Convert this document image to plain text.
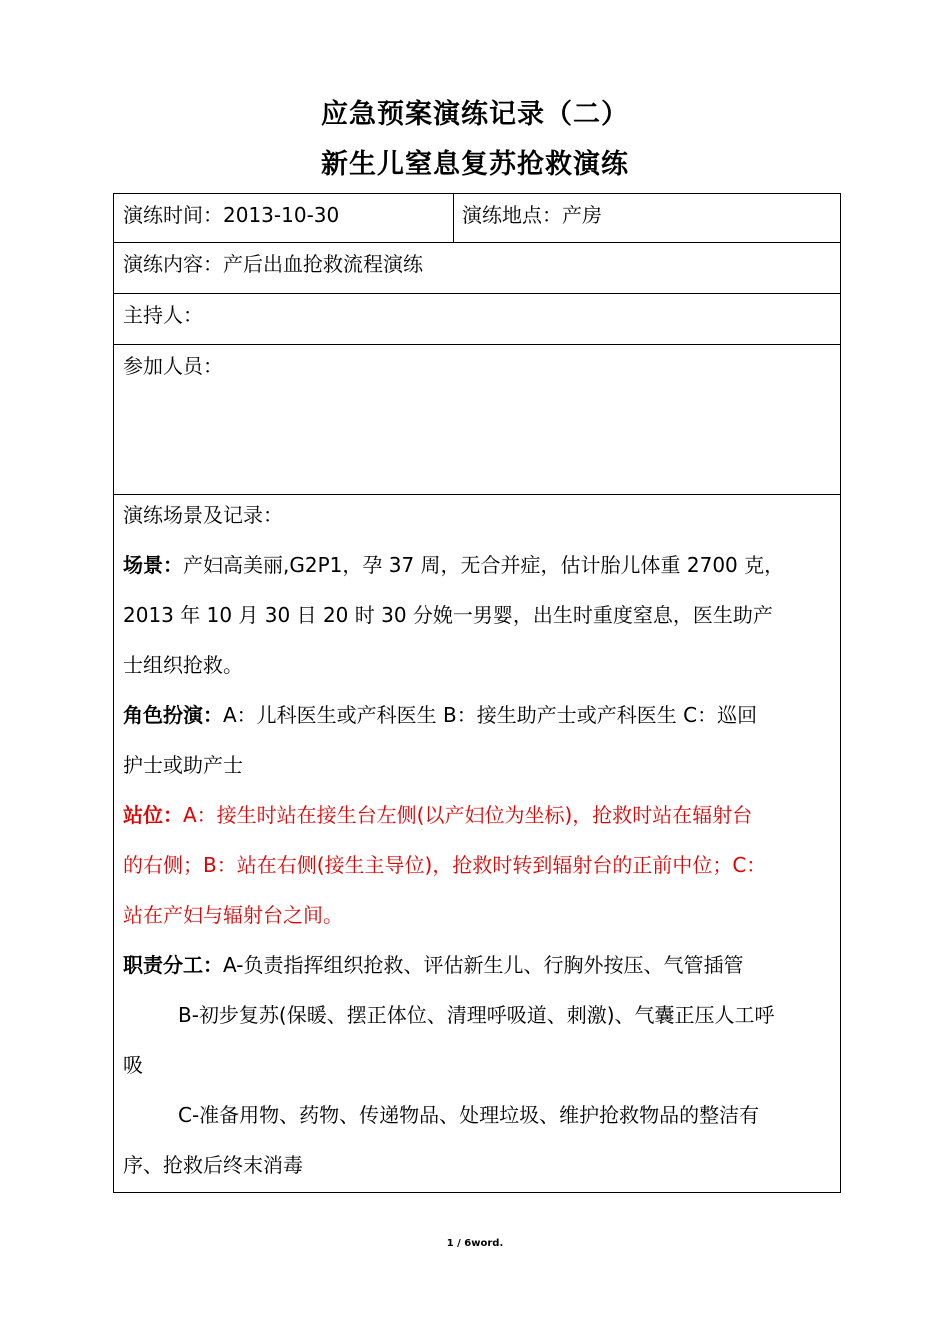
应急预案演练记录（二）
新生儿窒息复苏抢救演练
演练时间：2013-10-30	演练地点：产房
演练内容：产后出血抢救流程演练
主持人：
参加人员：
演练场景及记录：
场景：产妇高美丽,G2P1，孕 37 周，无合并症，估计胎儿体重 2700 克，
2013 年 10 月 30 日 20 时 30 分娩一男婴，出生时重度窒息，医生助产
士组织抢救。
角色扮演：A：儿科医生或产科医生 B：接生助产士或产科医生 C：巡回
护士或助产士
站位：A：接生时站在接生台左侧(以产妇位为坐标)，抢救时站在辐射台
的右侧；B：站在右侧(接生主导位)，抢救时转到辐射台的正前中位；C：
站在产妇与辐射台之间。
职责分工：A-负责指挥组织抢救、评估新生儿、行胸外按压、气管插管
B-初步复苏(保暖、摆正体位、清理呼吸道、刺激)、气囊正压人工呼
吸
C-准备用物、药物、传递物品、处理垃圾、维护抢救物品的整洁有
序、抢救后终末消毒
1 / 6word.
